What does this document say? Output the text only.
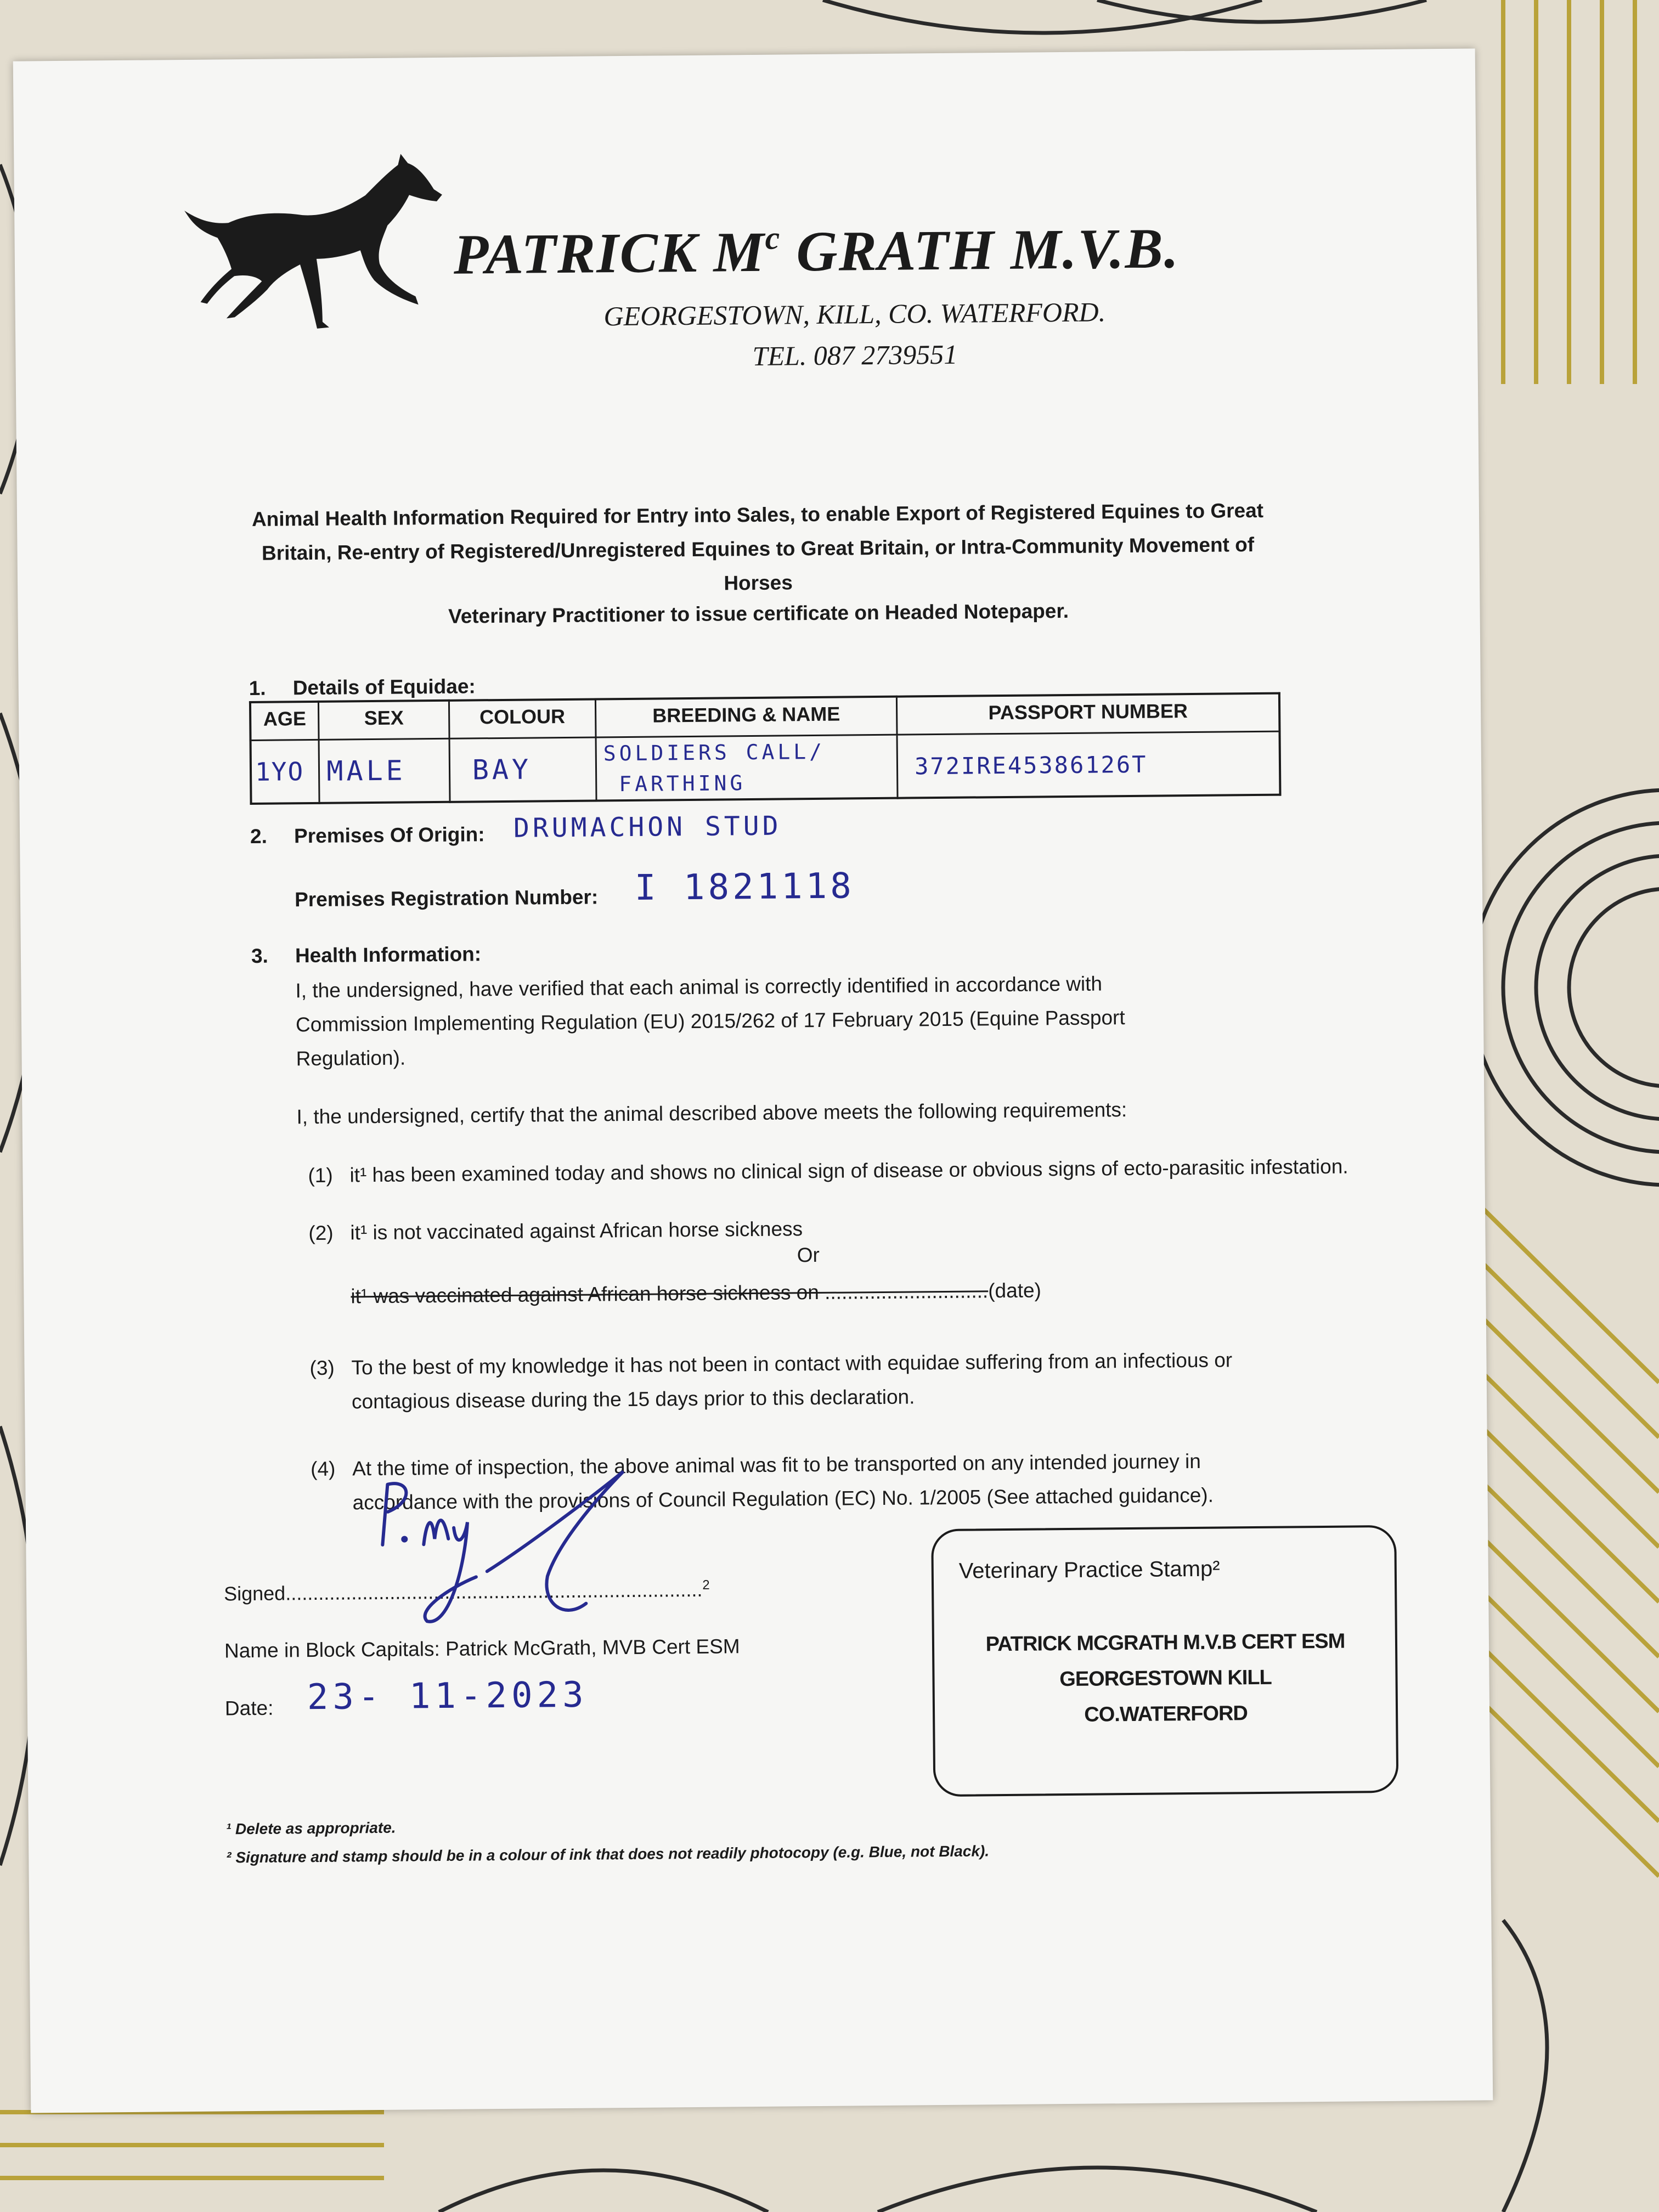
PATRICK $M^c$ GRATH M.V.B.
GEORGESTOWN, KILL, CO. WATERFORD.
TEL. 087 2739551
Animal Health Information Required for Entry into Sales, to enable Export of Registered Equines to Great
Britain, Re-entry of Registered/Unregistered Equines to Great Britain, or Intra-Community Movement of
Horses
Veterinary Practitioner to issue certificate on Headed Notepaper.
1. Details of Equidae:
AGE	SEX	COLOUR	BREEDING & NAME	PASSPORT NUMBER

1YO	MALE	BAY	SOLDIERS CALL/
FARTHING	372IRE45386126T
2. Premises Of Origin: DRUMACHON STUD
Premises Registration Number: I 1821118
3. Health Information:
I, the undersigned, have verified that each animal is correctly identified in accordance with
Commission Implementing Regulation (EU) 2015/262 of 17 February 2015 (Equine Passport
Regulation).
I, the undersigned, certify that the animal described above meets the following requirements:
(1) it¹ has been examined today and shows no clinical sign of disease or obvious signs of ecto-parasitic infestation.
(2) it¹ is not vaccinated against African horse sickness
Or
it¹ was vaccinated against African horse sickness on .............................(date)
(3) To the best of my knowledge it has not been in contact with equidae suffering from an infectious or
contagious disease during the 15 days prior to this declaration.
(4) At the time of inspection, the above animal was fit to be transported on any intended journey in
accordance with the provisions of Council Regulation (EC) No. 1/2005 (See attached guidance).
Signed............................................................................$^2$
Name in Block Capitals: Patrick McGrath, MVB Cert ESM
Date: 23- 11-2023
Veterinary Practice Stamp²
PATRICK MCGRATH M.V.B CERT ESM
GEORGESTOWN KILL
CO.WATERFORD
¹ Delete as appropriate.
² Signature and stamp should be in a colour of ink that does not readily photocopy (e.g. Blue, not Black).
